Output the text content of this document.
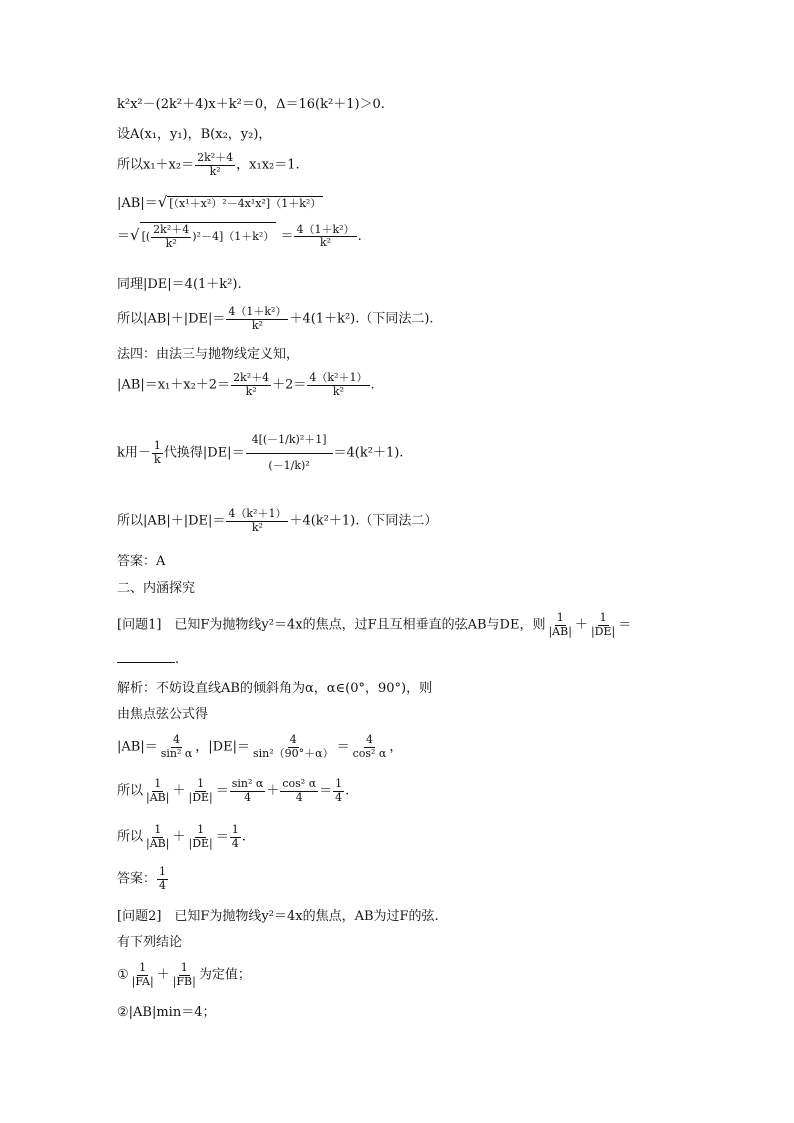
k²x²－(2k²＋4)x＋k²＝0，Δ＝16(k²＋1)＞0.
设A(x₁，y₁)，B(x₂，y₂)，
所以$x_1+x_2= \frac{\text{2k²＋4}}{\text{k²}}$ ，x₁x₂＝1.
|AB|＝√ [（x¹＋x²）²－4x¹x²]（1＋k²）
＝√ [( $\frac{\text{2k²＋4}}{\text{k²}} )^2-4](1+k^2) = \frac{\text{4（1＋k²）}}{\text{k²}}$ .
同理|DE|＝4(1＋k²).
所以$|AB|+|DE|= \frac{\text{4（1＋k²）}}{\text{k²}} +4(1+k^2)$.（下同法二).
法四：由法三与抛物线定义知，
$|AB|=x_1+x_2+2= \frac{\text{2k²＋4}}{\text{k²}} +2= \frac{\text{4（k²＋1）}}{\text{k²}}$ .
k用－ $\frac{1}{k}$ 代换得$|DE|= \frac{\text{4[(－1/k)²＋1]}}{\text{(－1/k)²}} =4(k^2+1)$.
所以$|AB|+|DE|= \frac{\text{4（k²＋1）}}{\text{k²}} +4(k^2+1)$.（下同法二）
答案：A
二、内涵探究
[问题1]　已知F为抛物线y²＝4x的焦点，过F且互相垂直的弦AB与DE，则 $\frac{1}{|AB|} + \frac{1}{|DE|}$ ＝
.
解析：不妨设直线AB的倾斜角为α，α∈(0°，90°)，则
由焦点弦公式得
$|AB|= \frac{4}{\text{sin² α}}$ ，$|DE|= \frac{4}{\text{sin²（90°＋α）}} = \frac{4}{\text{cos² α}}$ ，
所以 $\frac{1}{|AB|} + \frac{1}{|DE|} = \frac{\text{sin² α}}{4} + \frac{\text{cos² α}}{4} = \frac{1}{4}$ .
所以 $\frac{1}{|AB|} + \frac{1}{|DE|} = \frac{1}{4}$ .
答案： $\frac{1}{4}$
[问题2]　已知F为抛物线y²＝4x的焦点，AB为过F的弦.
有下列结论
① $\frac{1}{|FA|} + \frac{1}{|FB|}$ 为定值；
②|AB|min＝4；
